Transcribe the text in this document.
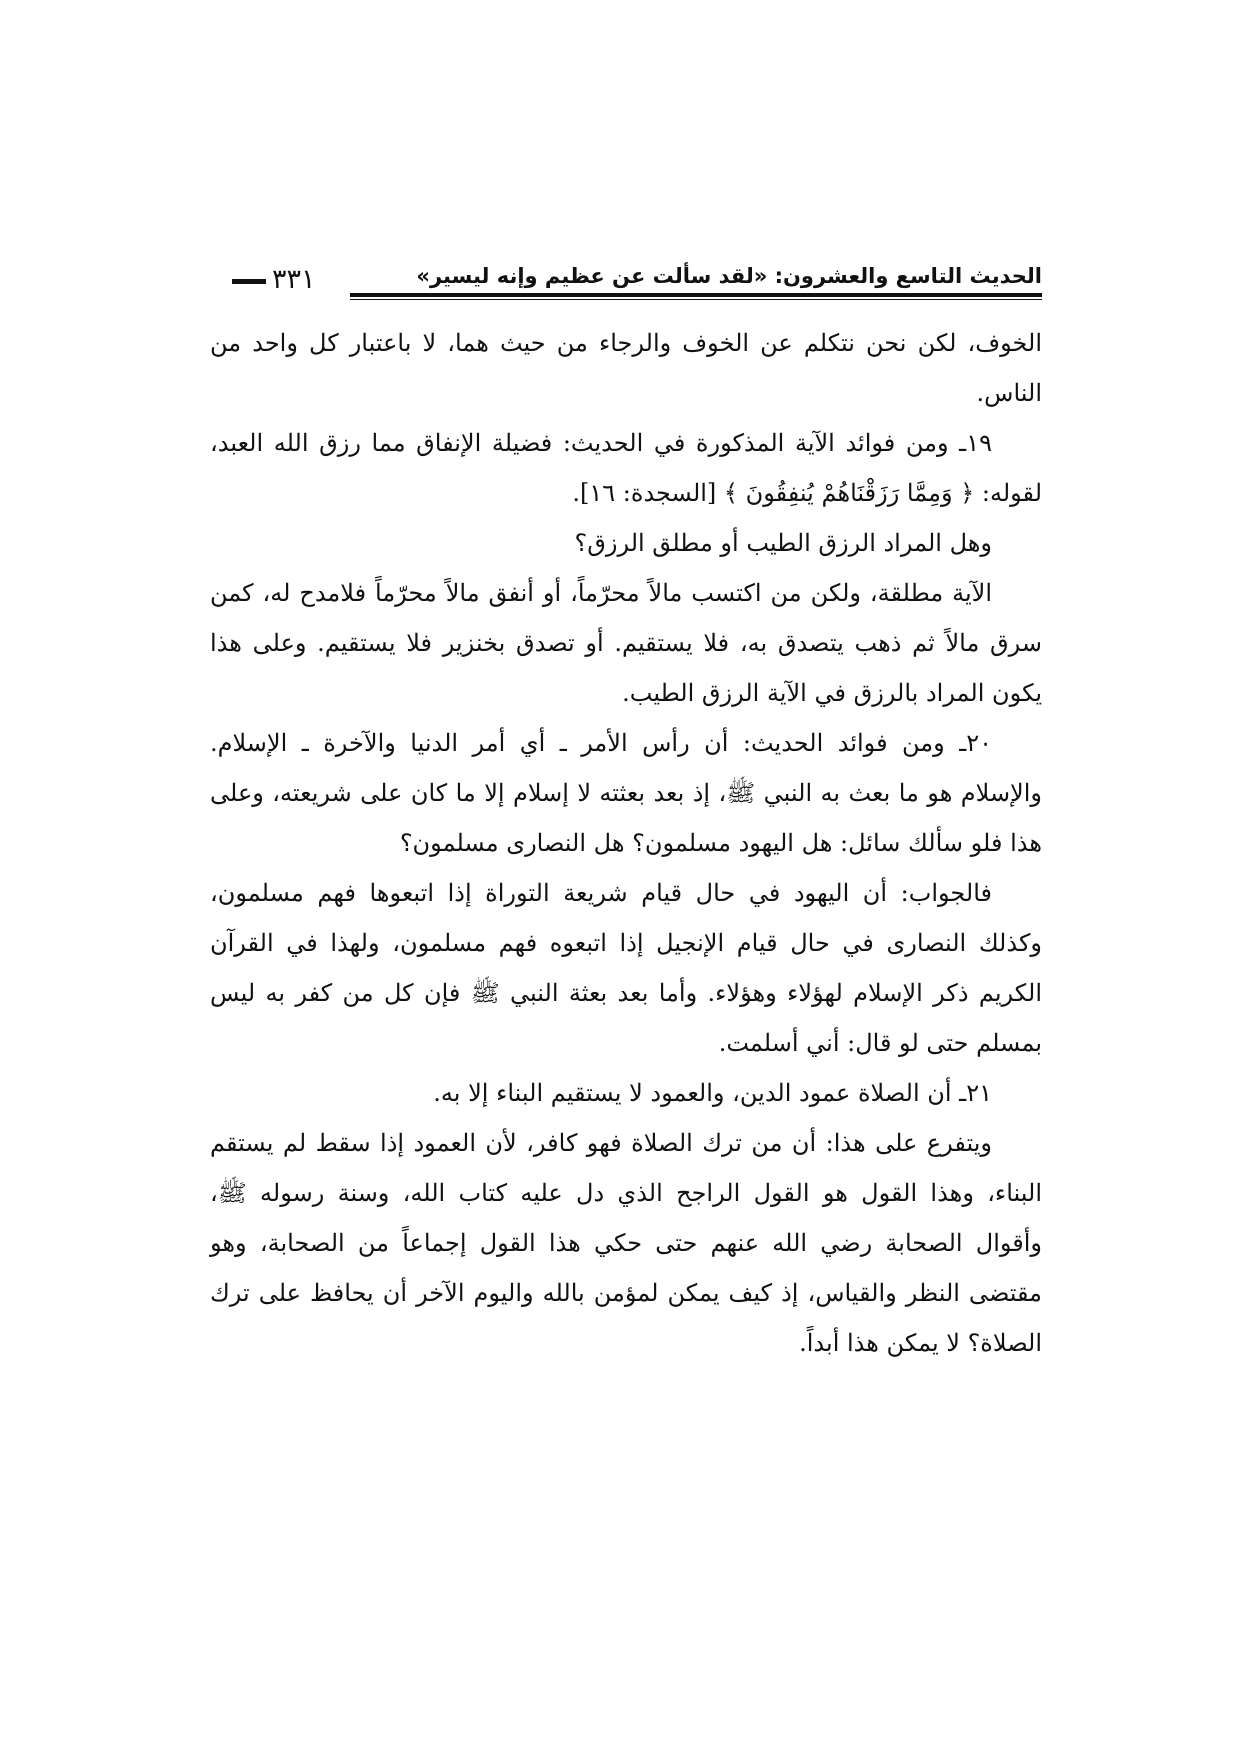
الحديث التاسع والعشرون: «لقد سألت عن عظيم وإنه ليسير»
٣٣١

الخوف، لكن نحن نتكلم عن الخوف والرجاء من حيث هما، لا باعتبار كل واحد من الناس.

١٩ـ ومن فوائد الآية المذكورة في الحديث: فضيلة الإنفاق مما رزق الله العبد، لقوله: ﴿ وَمِمَّا رَزَقْنَاهُمْ يُنفِقُونَ ﴾ [السجدة: ١٦].

وهل المراد الرزق الطيب أو مطلق الرزق؟

الآية مطلقة، ولكن من اكتسب مالاً محرّماً، أو أنفق مالاً محرّماً فلامدح له، كمن سرق مالاً ثم ذهب يتصدق به، فلا يستقيم. أو تصدق بخنزير فلا يستقيم. وعلى هذا يكون المراد بالرزق في الآية الرزق الطيب.

٢٠ـ ومن فوائد الحديث: أن رأس الأمر ـ أي أمر الدنيا والآخرة ـ الإسلام. والإسلام هو ما بعث به النبي ﷺ، إذ بعد بعثته لا إسلام إلا ما كان على شريعته، وعلى هذا فلو سألك سائل: هل اليهود مسلمون؟ هل النصارى مسلمون؟

فالجواب: أن اليهود في حال قيام شريعة التوراة إذا اتبعوها فهم مسلمون، وكذلك النصارى في حال قيام الإنجيل إذا اتبعوه فهم مسلمون، ولهذا في القرآن الكريم ذكر الإسلام لهؤلاء وهؤلاء. وأما بعد بعثة النبي ﷺ فإن كل من كفر به ليس بمسلم حتى لو قال: أني أسلمت.

٢١ـ أن الصلاة عمود الدين، والعمود لا يستقيم البناء إلا به.

ويتفرع على هذا: أن من ترك الصلاة فهو كافر، لأن العمود إذا سقط لم يستقم البناء، وهذا القول هو القول الراجح الذي دل عليه كتاب الله، وسنة رسوله ﷺ، وأقوال الصحابة رضي الله عنهم حتى حكي هذا القول إجماعاً من الصحابة، وهو مقتضى النظر والقياس، إذ كيف يمكن لمؤمن بالله واليوم الآخر أن يحافظ على ترك الصلاة؟ لا يمكن هذا أبداً.
